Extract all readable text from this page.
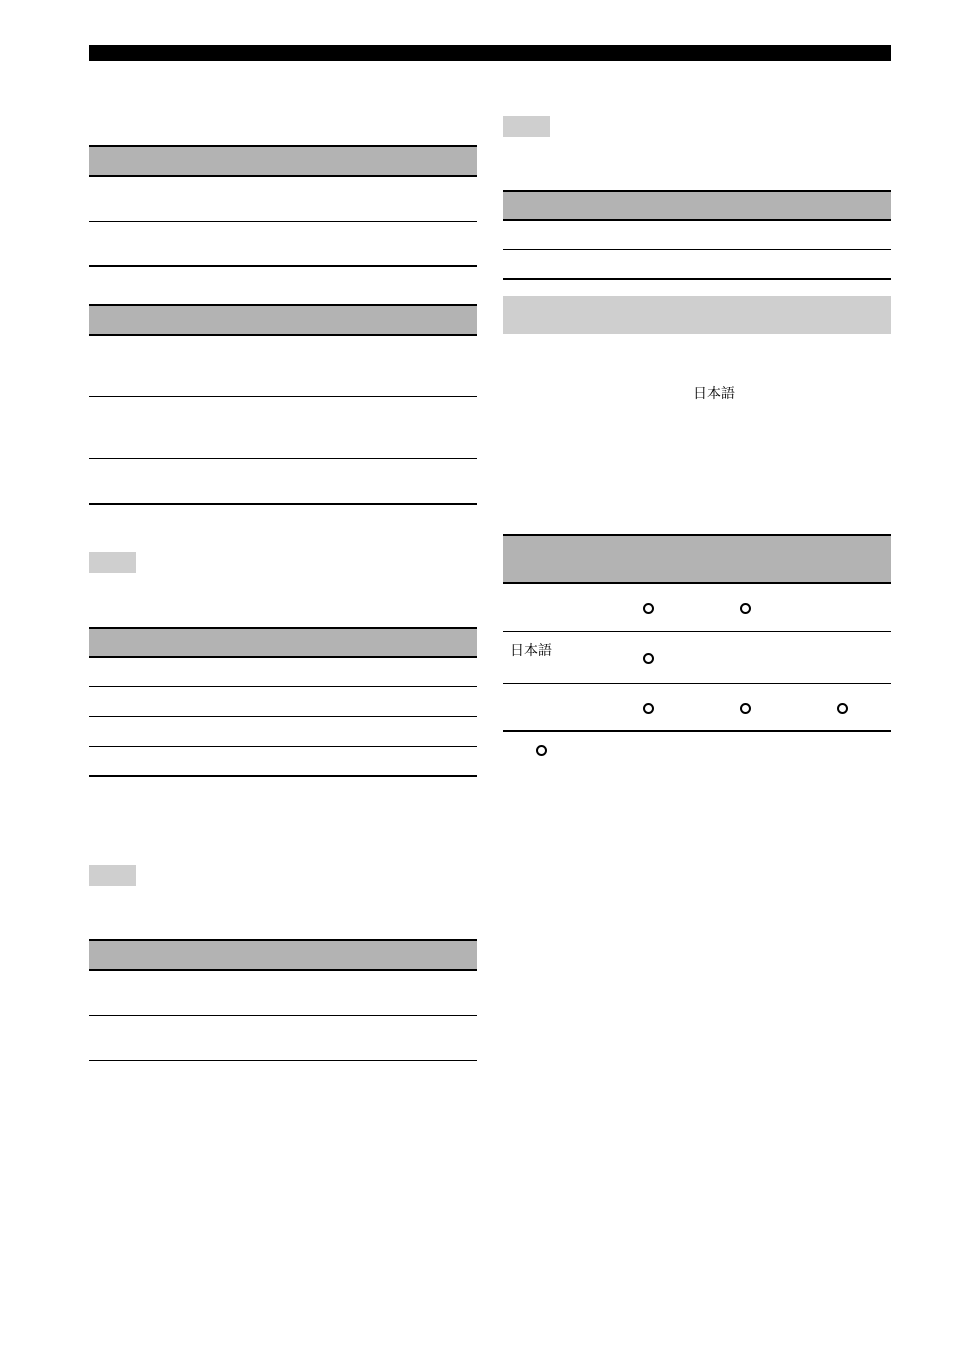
日本語
日本語
